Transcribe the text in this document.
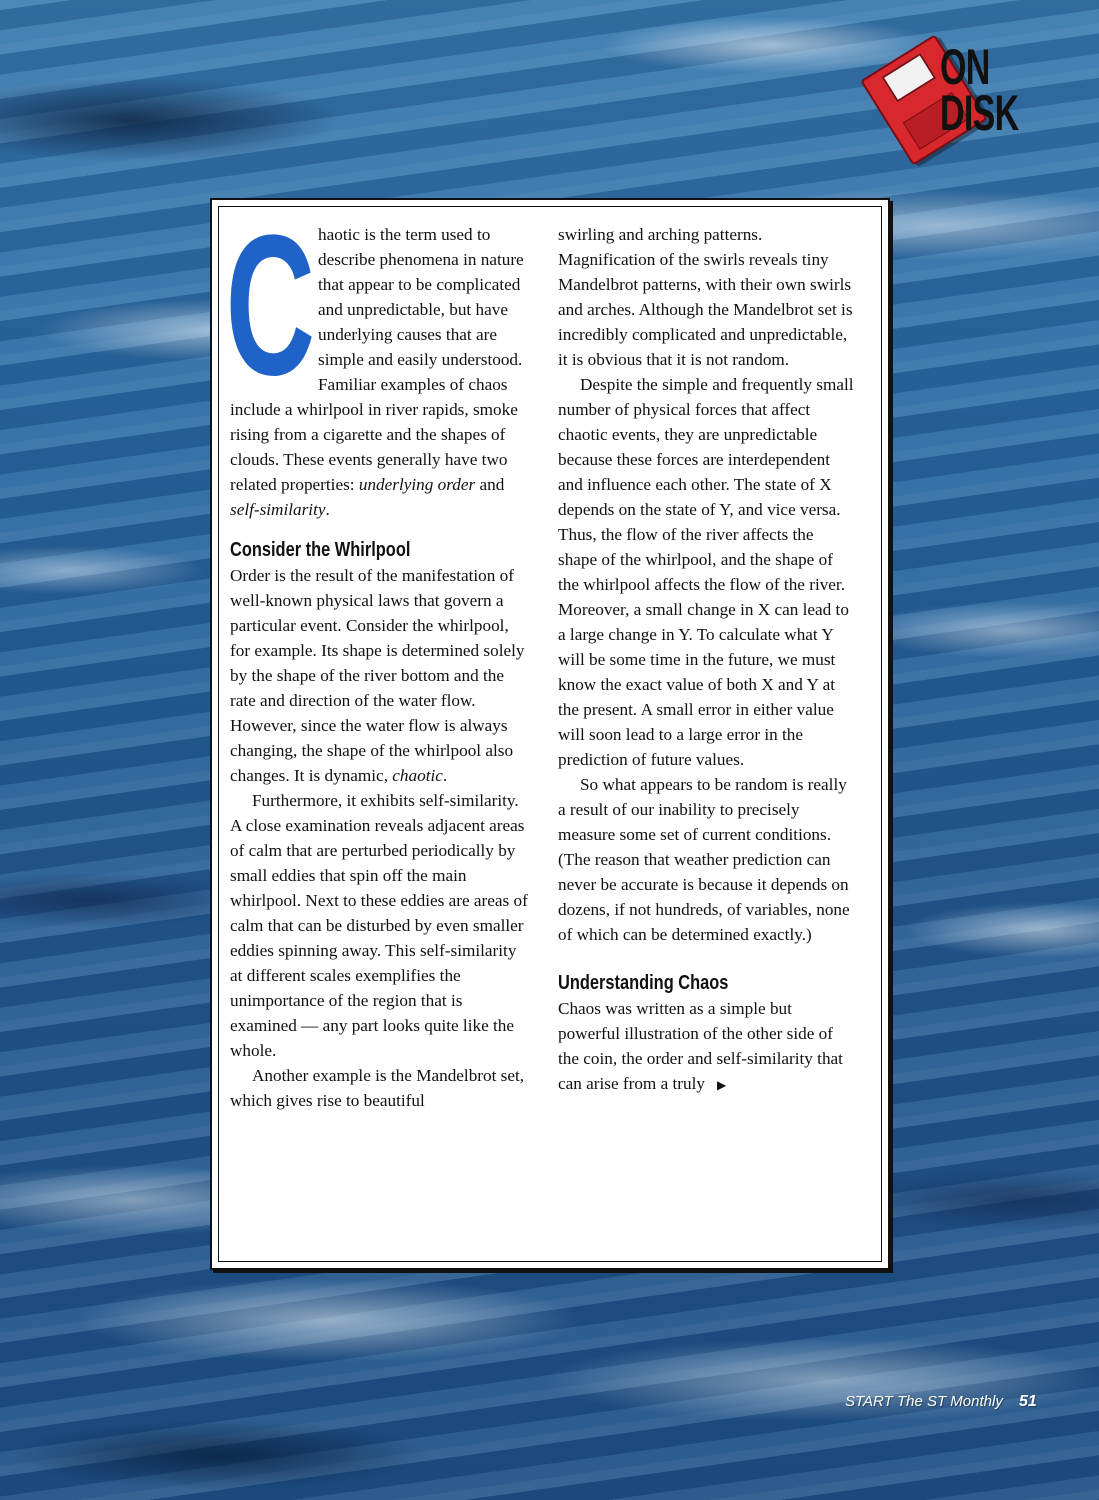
ON
DISK
C haotic is the term used to describe phenomena in nature that appear to be complicated and unpredictable, but have underlying causes that are simple and easily understood. Familiar examples of chaos include a whirlpool in river rapids, smoke rising from a cigarette and the shapes of clouds. These events generally have two related properties: underlying order and self-similarity.

Consider the Whirlpool

Order is the result of the manifestation of well-known physical laws that govern a particular event. Consider the whirlpool, for example. Its shape is determined solely by the shape of the river bottom and the rate and direction of the water flow. However, since the water flow is always changing, the shape of the whirlpool also changes. It is dynamic, chaotic.

Furthermore, it exhibits self-similarity. A close examination reveals adjacent areas of calm that are perturbed periodically by small eddies that spin off the main whirlpool. Next to these eddies are areas of calm that can be disturbed by even smaller eddies spinning away. This self-similarity at different scales exemplifies the unimportance of the region that is examined — any part looks quite like the whole.

Another example is the Mandelbrot set, which gives rise to beautiful

swirling and arching patterns. Magnification of the swirls reveals tiny Mandelbrot patterns, with their own swirls and arches. Although the Mandelbrot set is incredibly complicated and unpredictable, it is obvious that it is not random.

Despite the simple and frequently small number of physical forces that affect chaotic events, they are unpredictable because these forces are interdependent and influence each other. The state of X depends on the state of Y, and vice versa. Thus, the flow of the river affects the shape of the whirlpool, and the shape of the whirlpool affects the flow of the river. Moreover, a small change in X can lead to a large change in Y. To calculate what Y will be some time in the future, we must know the exact value of both X and Y at the present. A small error in either value will soon lead to a large error in the prediction of future values.

So what appears to be random is really a result of our inability to precisely measure some set of current conditions. (The reason that weather prediction can never be accurate is because it depends on dozens, if not hundreds, of variables, none of which can be determined exactly.)

Understanding Chaos

Chaos was written as a simple but powerful illustration of the other side of the coin, the order and self-similarity that can arise from a truly ▶

START The ST Monthly 51
